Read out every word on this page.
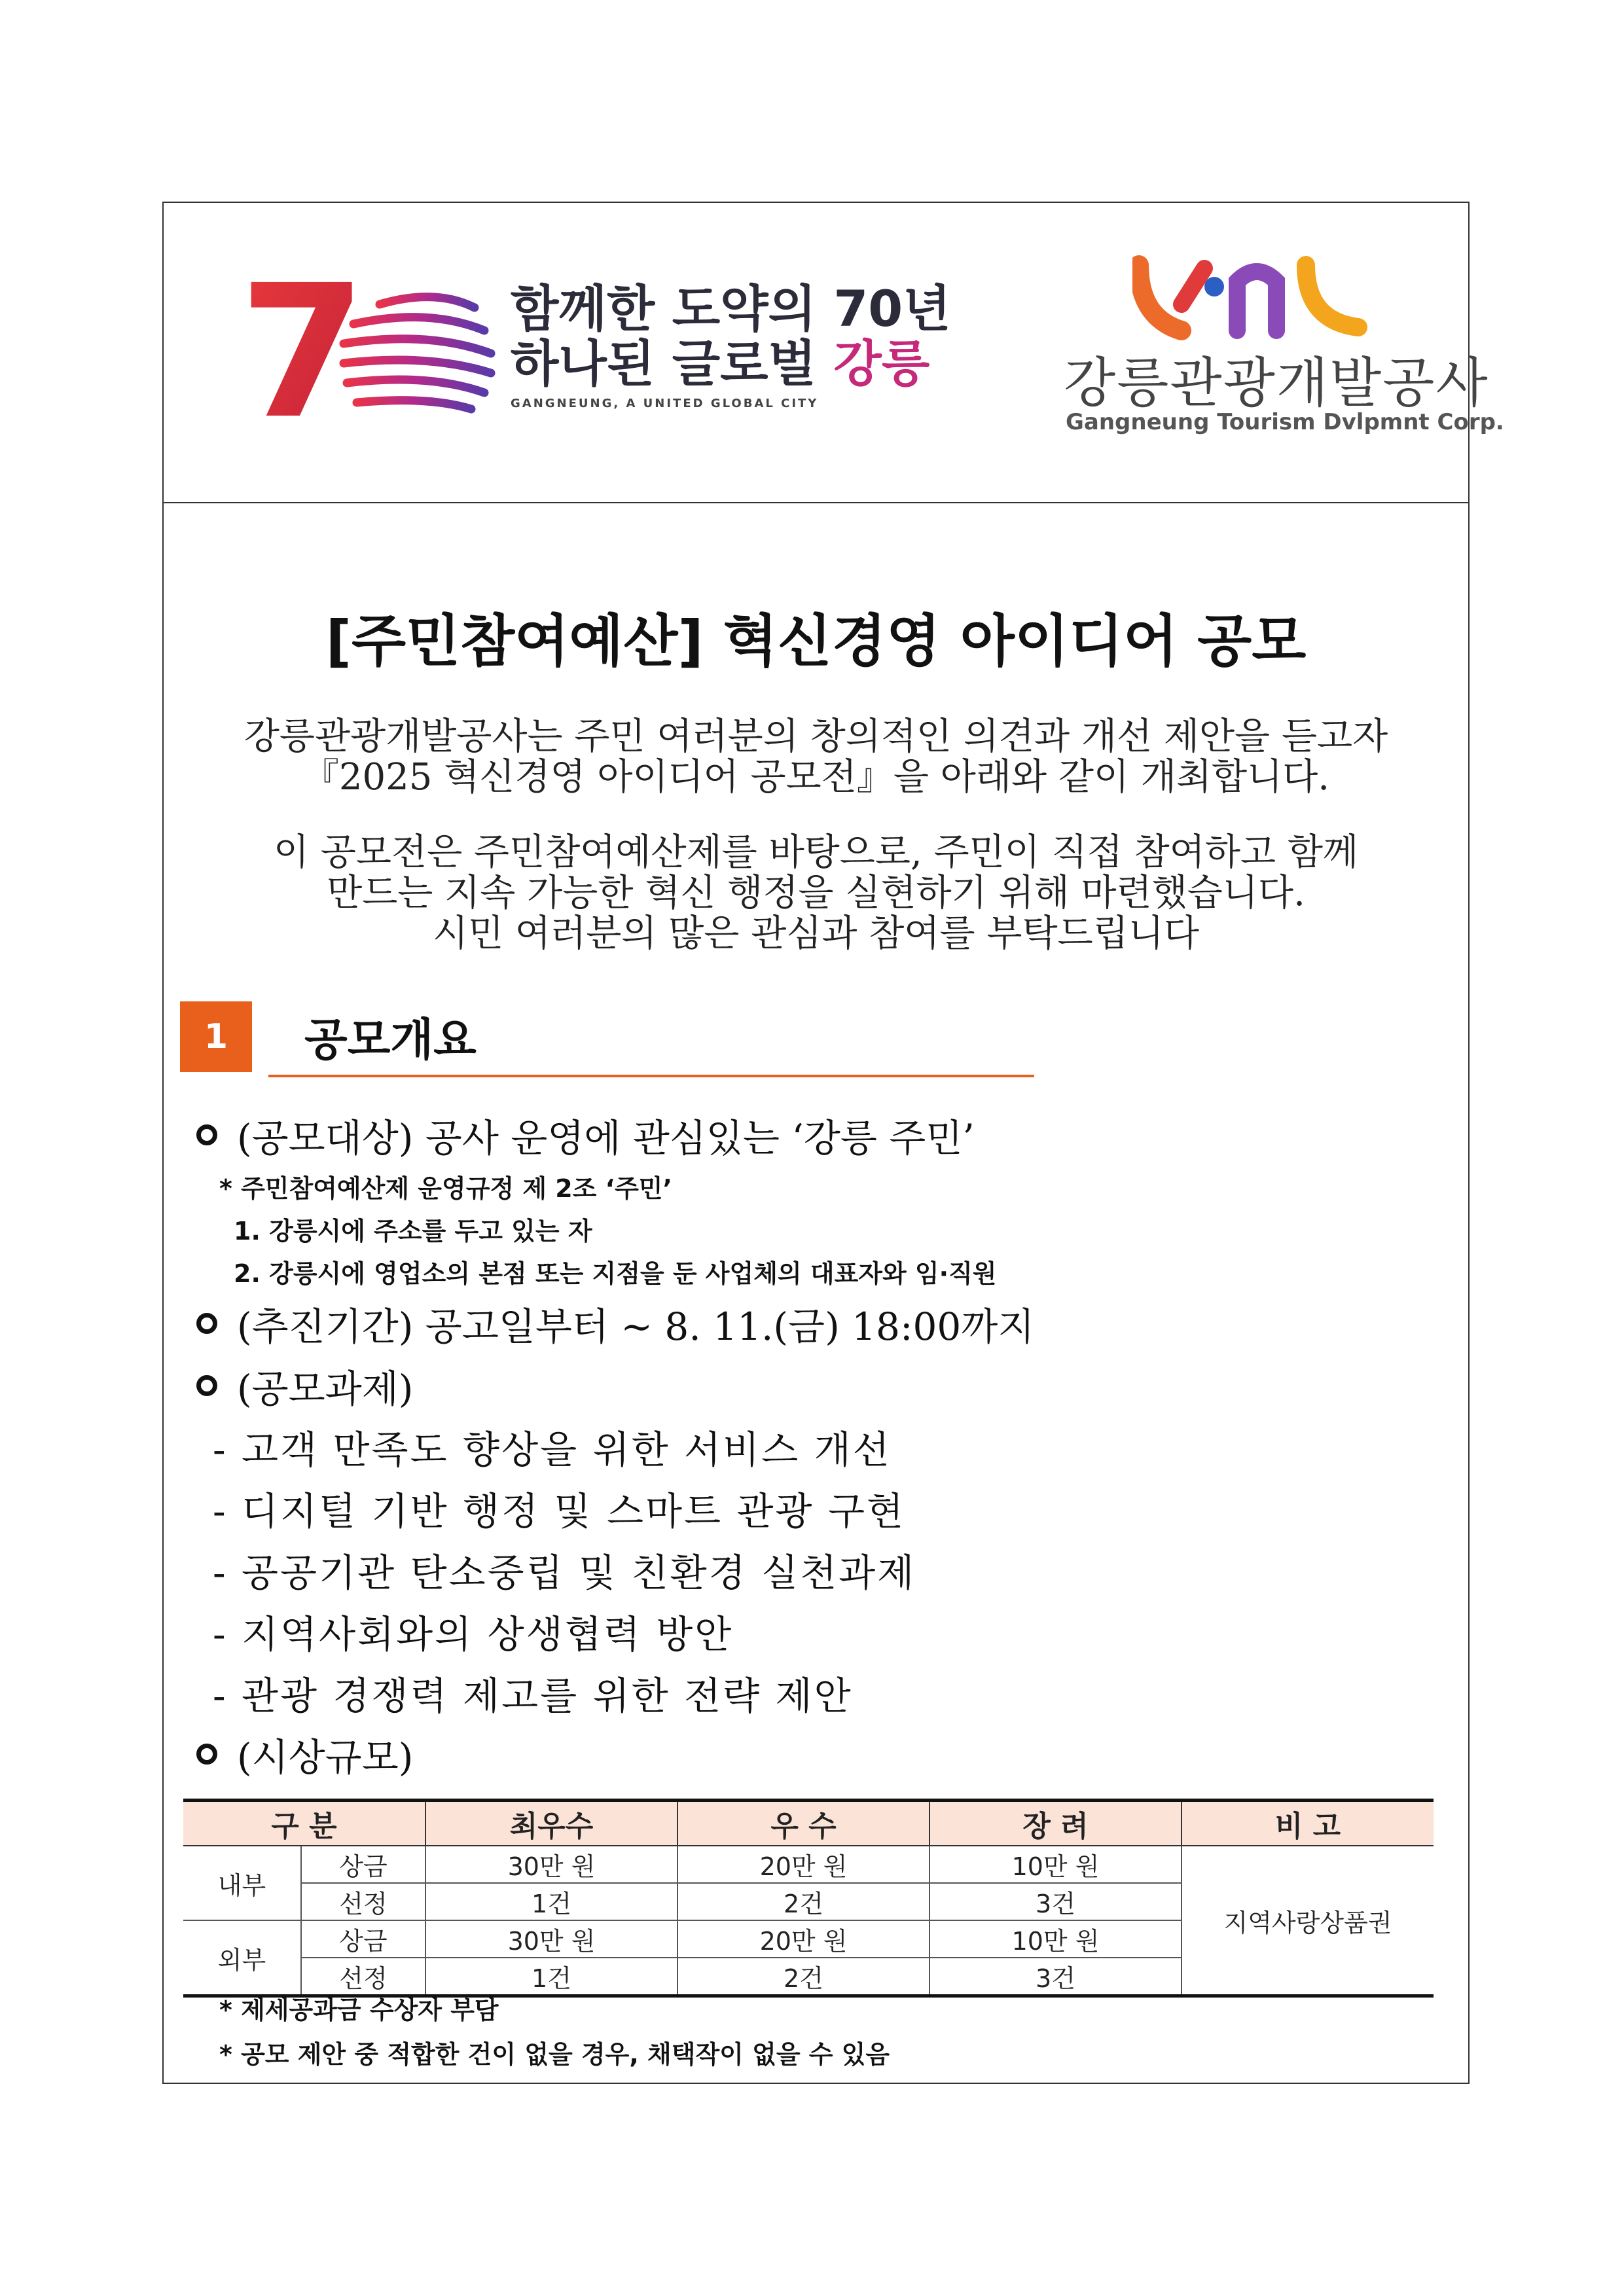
7	함께한 도약의 70년
하나된 글로벌 강릉
GANGNEUNG, A UNITED GLOBAL CITY	강릉관광개발공사
Gangneung Tourism Dvlpmnt Corp.
[주민참여예산] 혁신경영 아이디어 공모
강릉관광개발공사는 주민 여러분의 창의적인 의견과 개선 제안을 듣고자
『2025 혁신경영 아이디어 공모전』을 아래와 같이 개최합니다.
이 공모전은 주민참여예산제를 바탕으로, 주민이 직접 참여하고 함께
만드는 지속 가능한 혁신 행정을 실현하기 위해 마련했습니다.
시민 여러분의 많은 관심과 참여를 부탁드립니다
1	공모개요
(공모대상) 공사 운영에 관심있는 ‘강릉 주민’
* 주민참여예산제 운영규정 제 2조 ‘주민’
1. 강릉시에 주소를 두고 있는 자
2. 강릉시에 영업소의 본점 또는 지점을 둔 사업체의 대표자와 임·직원
(추진기간) 공고일부터 ~ 8. 11.(금) 18:00까지
(공모과제)
- 고객 만족도 향상을 위한 서비스 개선
- 디지털 기반 행정 및 스마트 관광 구현
- 공공기관 탄소중립 및 친환경 실천과제
- 지역사회와의 상생협력 방안
- 관광 경쟁력 제고를 위한 전략 제안
(시상규모)
구 분		최우수	우 수	장 려	비 고
내부	상금	30만 원	20만 원	10만 원	지역사랑상품권
	선정	1건	2건	3건	
외부	상금	30만 원	20만 원	10만 원	
	선정	1건	2건	3건	
* 제세공과금 수상자 부담
* 공모 제안 중 적합한 건이 없을 경우, 채택작이 없을 수 있음
